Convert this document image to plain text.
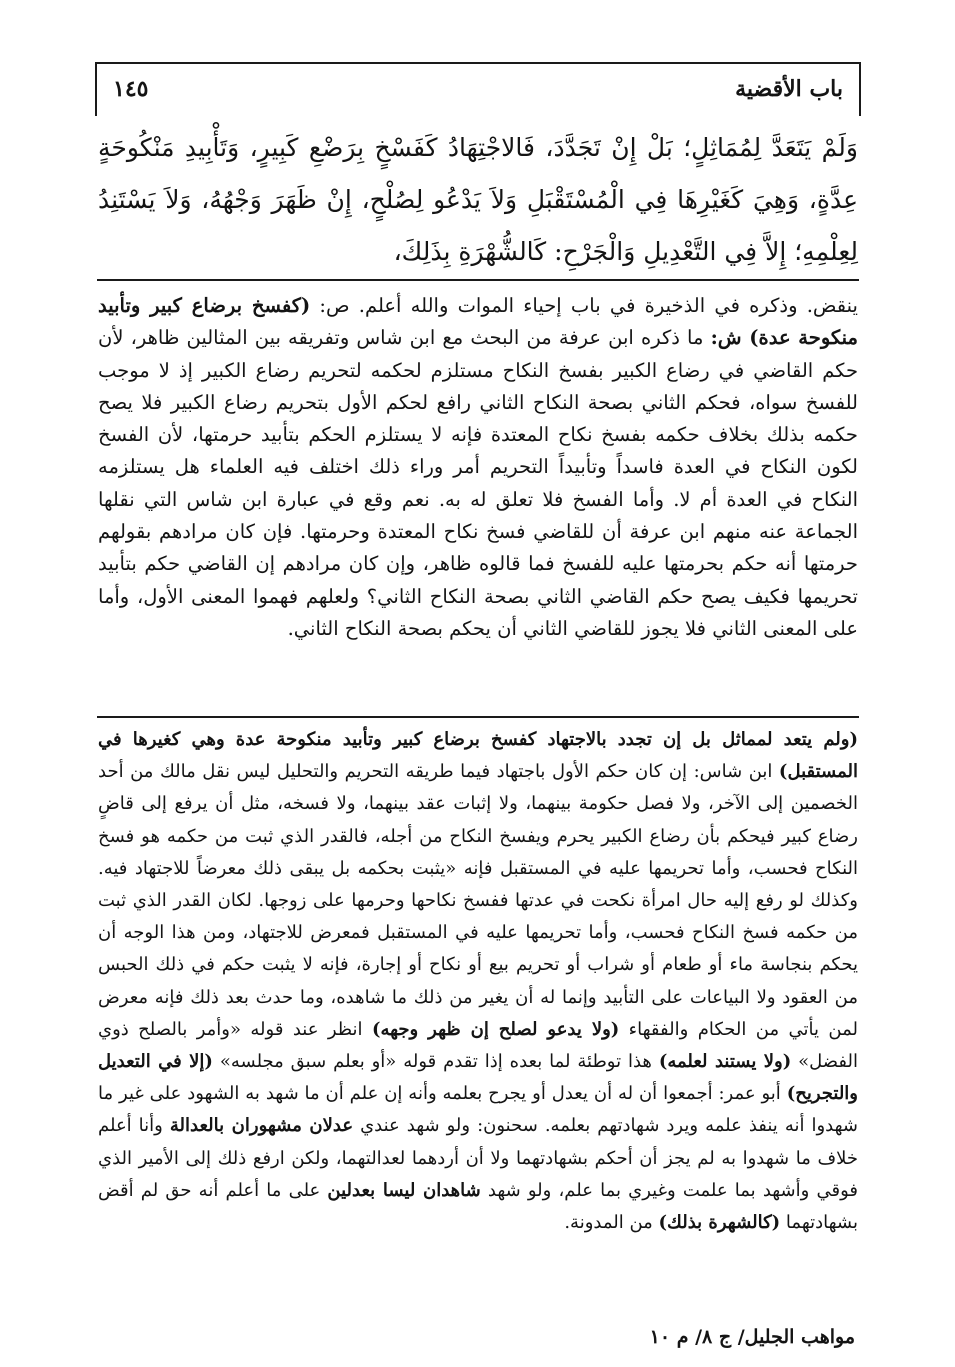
باب الأقضية
١٤٥
وَلَمْ يَتَعَدَّ لِمُمَاثِلٍ؛ بَلْ إِنْ تَجَدَّدَ، فَالاجْتِهَادُ كَفَسْخٍ بِرَضْعِ كَبِيرٍ، وَتَأْبِيدِ مَنْكُوحَةٍ عِدَّةٍ، وَهِيَ كَغَيْرِهَا فِي الْمُسْتَقْبَلِ وَلاَ يَدْعُو لِصُلْحٍ، إِنْ ظَهَرَ وَجْهُهُ، وَلاَ يَسْتَنِدُ لِعِلْمِهِ؛ إِلاَّ فِي التَّعْدِيلِ وَالْجَرْحِ: كَالشُّهْرَةِ بِذَلِكَ،
ينقض. وذكره في الذخيرة في باب إحياء الموات والله أعلم. ص: (كفسخ برضاع كبير وتأبيد منكوحة عدة) ش: ما ذكره ابن عرفة من البحث مع ابن شاس وتفريقه بين المثالين ظاهر، لأن حكم القاضي في رضاع الكبير بفسخ النكاح مستلزم لحكمه لتحريم رضاع الكبير إذ لا موجب للفسخ سواه، فحكم الثاني بصحة النكاح الثاني رافع لحكم الأول بتحريم رضاع الكبير فلا يصح حكمه بذلك بخلاف حكمه بفسخ نكاح المعتدة فإنه لا يستلزم الحكم بتأبيد حرمتها، لأن الفسخ لكون النكاح في العدة فاسداً وتأبيداً التحريم أمر وراء ذلك اختلف فيه العلماء هل يستلزمه النكاح في العدة أم لا. وأما الفسخ فلا تعلق له به. نعم وقع في عبارة ابن شاس التي نقلها الجماعة عنه منهم ابن عرفة أن للقاضي فسخ نكاح المعتدة وحرمتها. فإن كان مرادهم بقولهم حرمتها أنه حكم بحرمتها عليه للفسخ فما قالوه ظاهر، وإن كان مرادهم إن القاضي حكم بتأبيد تحريمها فكيف يصح حكم القاضي الثاني بصحة النكاح الثاني؟ ولعلهم فهموا المعنى الأول، وأما على المعنى الثاني فلا يجوز للقاضي الثاني أن يحكم بصحة النكاح الثاني.
(ولم يتعد لمماثل بل إن تجدد بالاجتهاد كفسخ برضاع كبير وتأبيد منكوحة عدة وهي كغيرها في المستقبل) ابن شاس: إن كان حكم الأول باجتهاد فيما طريقه التحريم والتحليل ليس نقل مالك من أحد الخصمين إلى الآخر، ولا فصل حكومة بينهما، ولا إثبات عقد بينهما، ولا فسخه، مثل أن يرفع إلى قاضٍ رضاع كبير فيحكم بأن رضاع الكبير يحرم ويفسخ النكاح من أجله، فالقدر الذي ثبت من حكمه هو فسخ النكاح فحسب، وأما تحريمها عليه في المستقبل فإنه «يثبت بحكمه بل يبقى ذلك معرضاً للاجتهاد فيه. وكذلك لو رفع إليه حال امرأة نكحت في عدتها ففسخ نكاحها وحرمها على زوجها. لكان القدر الذي ثبت من حكمه فسخ النكاح فحسب، وأما تحريمها عليه في المستقبل فمعرض للاجتهاد، ومن هذا الوجه أن يحكم بنجاسة ماء أو طعام أو شراب أو تحريم بيع أو نكاح أو إجارة، فإنه لا يثبت حكم في ذلك الحبس من العقود ولا البياعات على التأبيد وإنما له أن يغير من ذلك ما شاهده، وما حدث بعد ذلك فإنه معرض لمن يأتي من الحكام والفقهاء (ولا يدعو لصلح إن ظهر وجهه) انظر عند قوله «وأمر بالصلح ذوي الفضل» (ولا يستند لعلمه) هذا توطئة لما بعده إذا تقدم قوله «أو بعلم سبق مجلسه» (إلا في التعديل والتجريح) أبو عمر: أجمعوا أن له أن يعدل أو يجرح بعلمه وأنه إن علم أن ما شهد به الشهود على غير ما شهدوا أنه ينفذ علمه ويرد شهادتهم بعلمه. سحنون: ولو شهد عندي عدلان مشهوران بالعدالة وأنا أعلم خلاف ما شهدوا به لم يجز أن أحكم بشهادتهما ولا أن أردهما لعدالتهما، ولكن ارفع ذلك إلى الأمير الذي فوقي وأشهد بما علمت وغيري بما علم، ولو شهد شاهدان ليسا بعدلين على ما أعلم أنه حق لم أقض بشهادتهما (كالشهرة بذلك) من المدونة.
مواهب الجليل/ ج ٨/ م ١٠
